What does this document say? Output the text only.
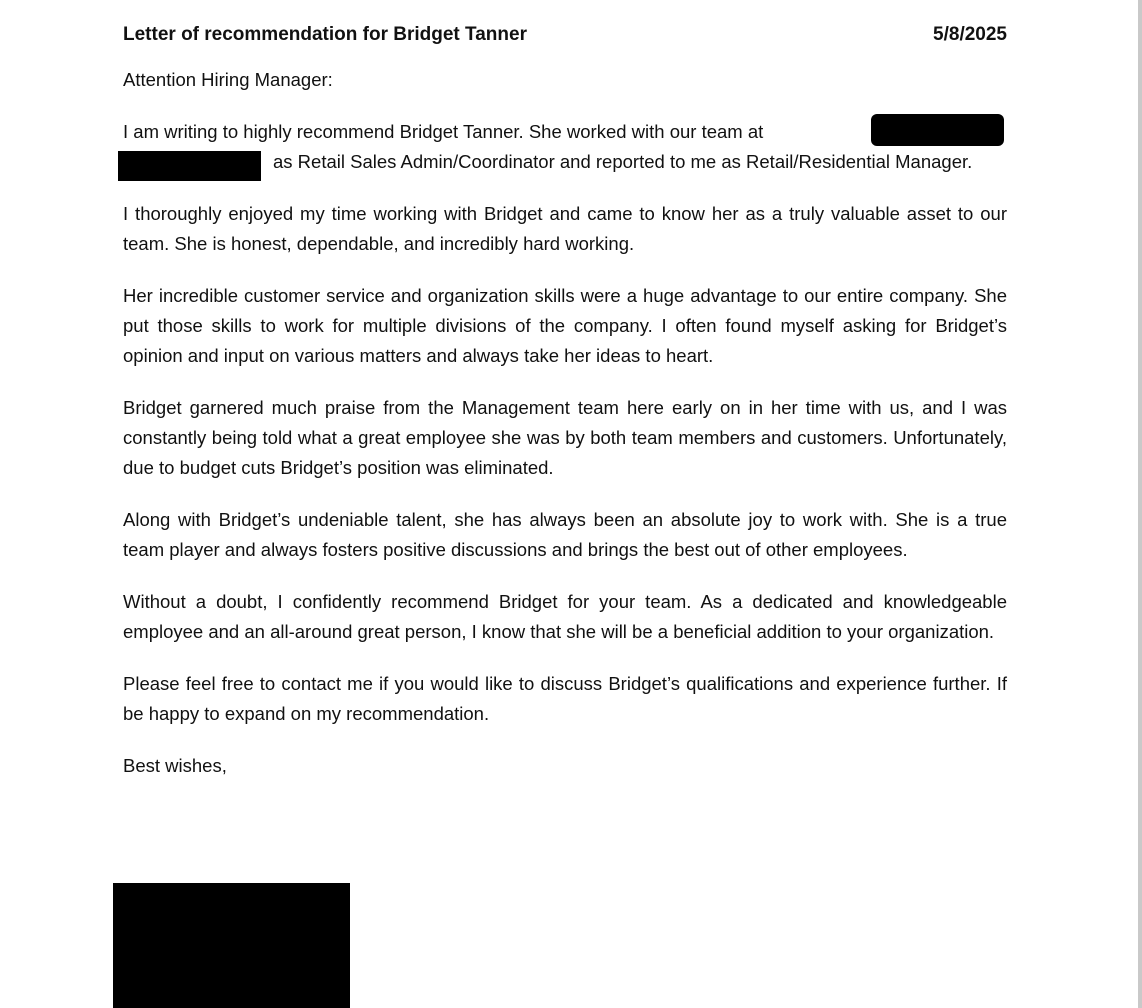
Letter of recommendation for Bridget Tanner	5/8/2025

Attention Hiring Manager:

I am writing to highly recommend Bridget Tanner. She worked with our team at
as Retail Sales Admin/Coordinator and reported to me as Retail/Residential Manager.

I thoroughly enjoyed my time working with Bridget and came to know her as a truly valuable asset to our team. She is honest, dependable, and incredibly hard working.

Her incredible customer service and organization skills were a huge advantage to our entire company. She put those skills to work for multiple divisions of the company. I often found myself asking for Bridget’s opinion and input on various matters and always take her ideas to heart.

Bridget garnered much praise from the Management team here early on in her time with us, and I was constantly being told what a great employee she was by both team members and customers. Unfortunately, due to budget cuts Bridget’s position was eliminated.

Along with Bridget’s undeniable talent, she has always been an absolute joy to work with. She is a true team player and always fosters positive discussions and brings the best out of other employees.

Without a doubt, I confidently recommend Bridget for your team. As a dedicated and knowledgeable employee and an all-around great person, I know that she will be a beneficial addition to your organization.

Please feel free to contact me if you would like to discuss Bridget’s qualifications and experience further. If be happy to expand on my recommendation.

Best wishes,
